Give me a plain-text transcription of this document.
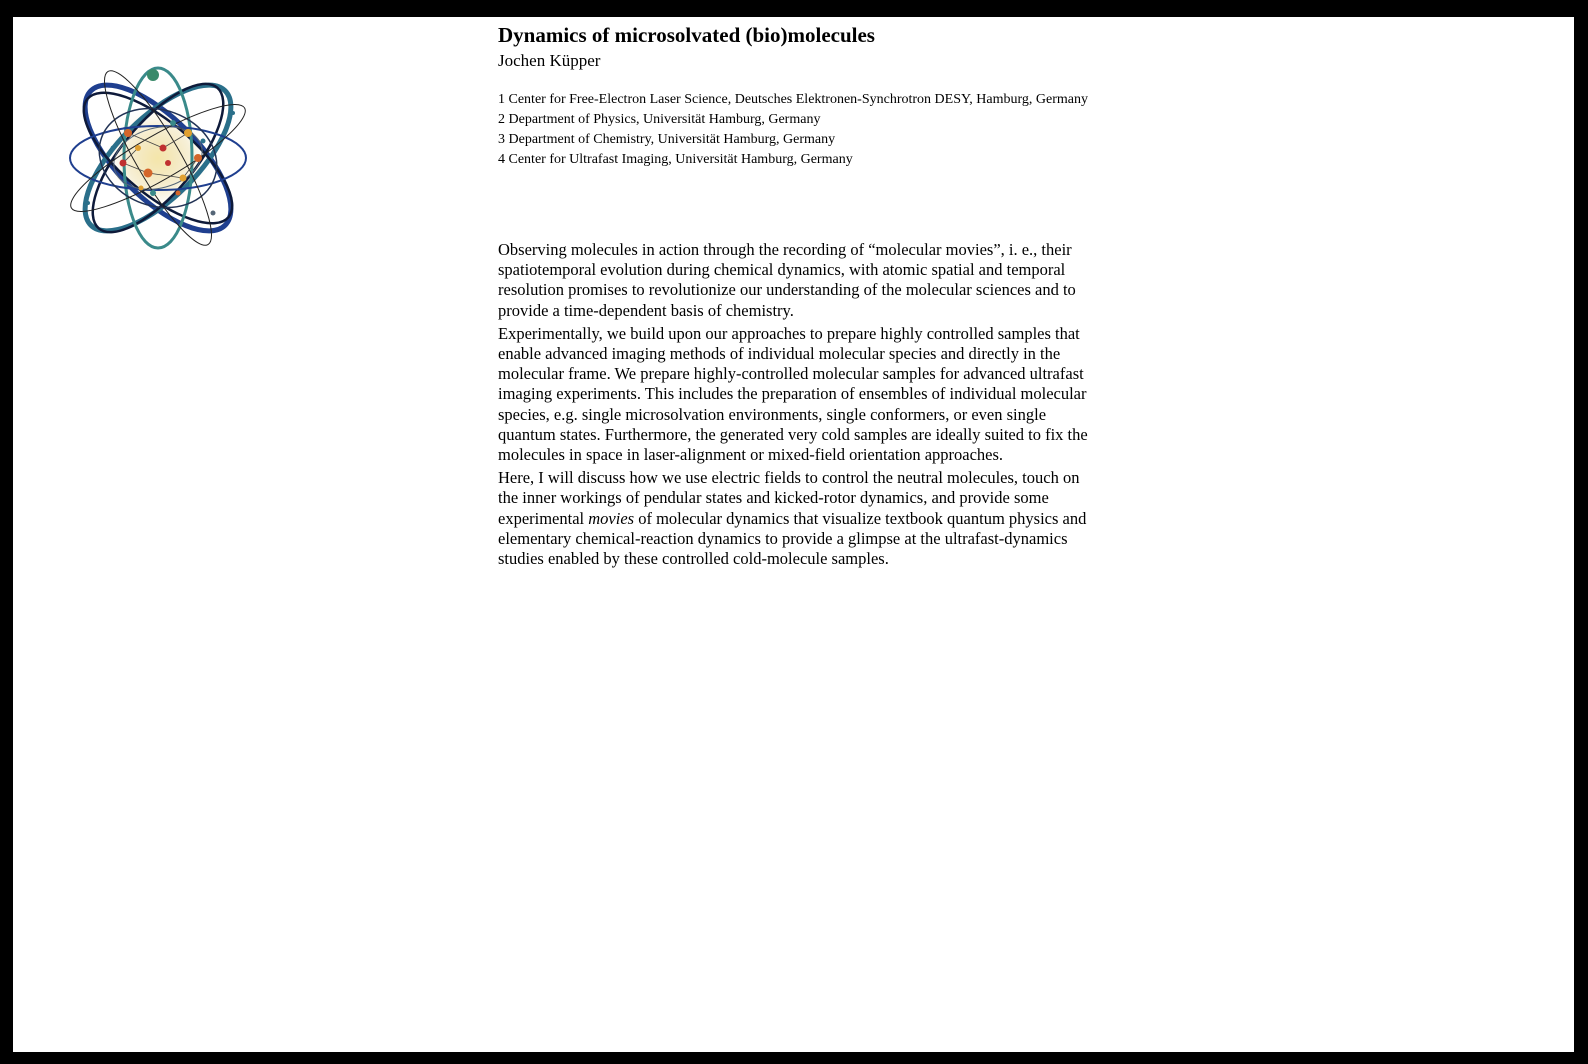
Dynamics of microsolvated (bio)molecules
Jochen Küpper
1 Center for Free-Electron Laser Science, Deutsches Elektronen-Synchrotron DESY, Hamburg, Germany
2 Department of Physics, Universität Hamburg, Germany
3 Department of Chemistry, Universität Hamburg, Germany
4 Center for Ultrafast Imaging, Universität Hamburg, Germany

Observing molecules in action through the recording of “molecular movies”, i. e., their spatiotemporal evolution during chemical dynamics, with atomic spatial and temporal resolution promises to revolutionize our understanding of the molecular sciences and to provide a time-dependent basis of chemistry.

Experimentally, we build upon our approaches to prepare highly controlled samples that enable advanced imaging methods of individual molecular species and directly in the molecular frame. We prepare highly-controlled molecular samples for advanced ultrafast imaging experiments. This includes the preparation of ensembles of individual molecular species, e.g. single microsolvation environments, single conformers, or even single quantum states. Furthermore, the generated very cold samples are ideally suited to fix the molecules in space in laser-alignment or mixed-field orientation approaches.

Here, I will discuss how we use electric fields to control the neutral molecules, touch on the inner workings of pendular states and kicked-rotor dynamics, and provide some experimental movies of molecular dynamics that visualize textbook quantum physics and elementary chemical-reaction dynamics to provide a glimpse at the ultrafast-dynamics studies enabled by these controlled cold-molecule samples.
